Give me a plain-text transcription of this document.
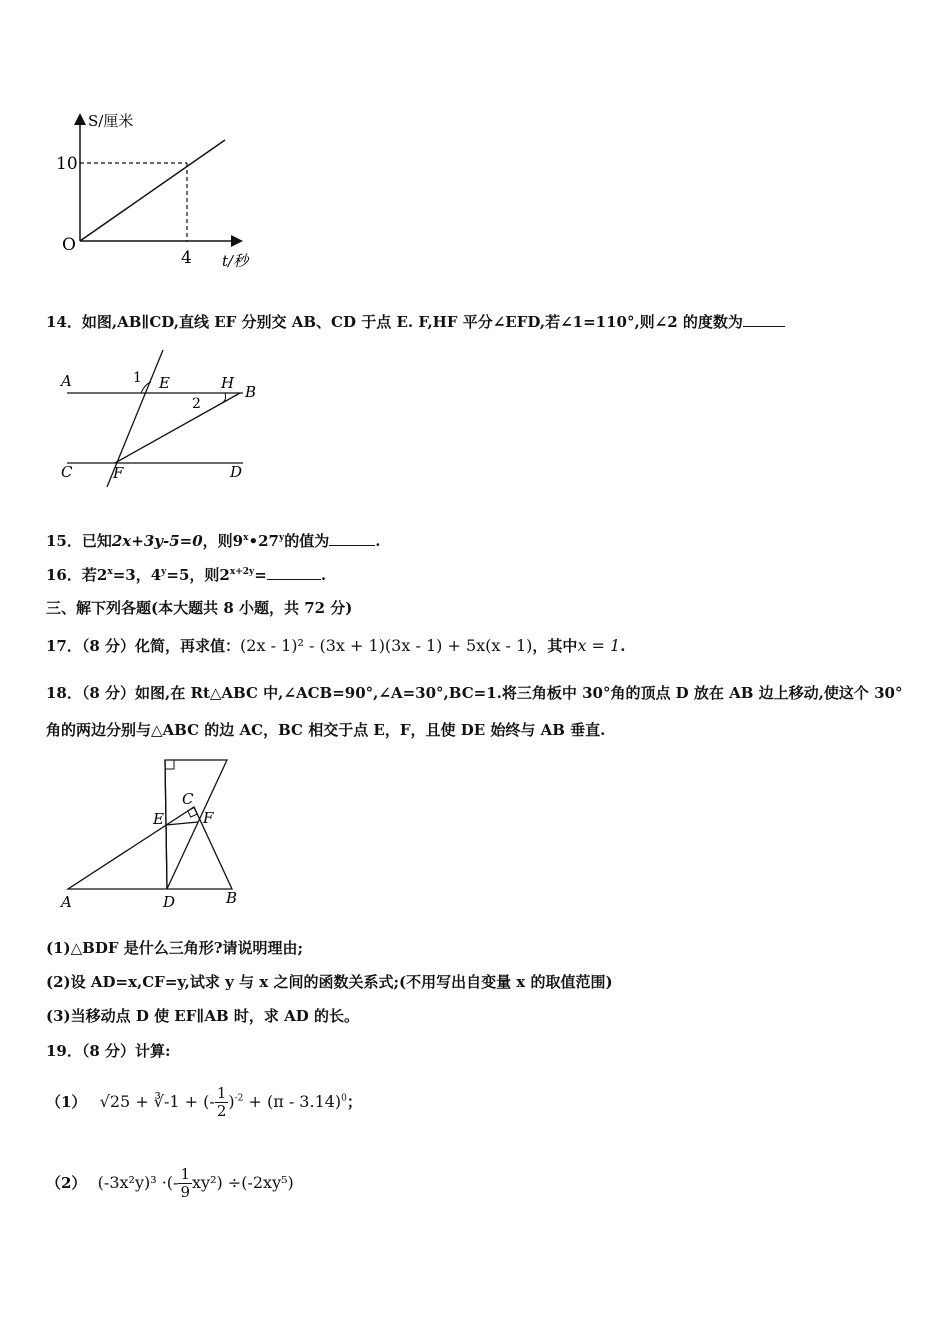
S/厘米
t/秒
O
10
4
14．如图,AB∥CD,直线 EF 分别交 AB、CD 于点 E. F,HF 平分∠EFD,若∠1=110°,则∠2 的度数为
A
B
C	D
E
F
H
1
2
15．已知2x+3y-5=0，则9$^x$•27$^y$的值为	.
16．若$2^x=3$，$4^y=5$，则$2^{x+2y}=$	.
三、解下列各题(本大题共 8 小题，共 72 分)
17．（8 分）化简，再求值：(2x - 1)² - (3x + 1)(3x - 1) + 5x(x - 1)，其中x = 1.
18．（8 分）如图,在 Rt△ABC 中,∠ACB=90°,∠A=30°,BC=1.将三角板中 30°角的顶点 D 放在 AB 边上移动,使这个 30°
角的两边分别与△ABC 的边 AC，BC 相交于点 E，F，且使 DE 始终与 AB 垂直.
A	B
C
D
E	F
(1)△BDF 是什么三角形?请说明理由;
(2)设 AD=x,CF=y,试求 y 与 x 之间的函数关系式;(不用写出自变量 x 的取值范围)
(3)当移动点 D 使 EF∥AB 时，求 AD 的长。
19．（8 分）计算:
（1） √25 + ∛-1 + (- $\frac{1}{2} )^{-2} + (\pi - 3.14)^0$；
（2） (-3x²y)³ ·(- $\frac{1}{9} xy^2) \div(-2xy^5)$
